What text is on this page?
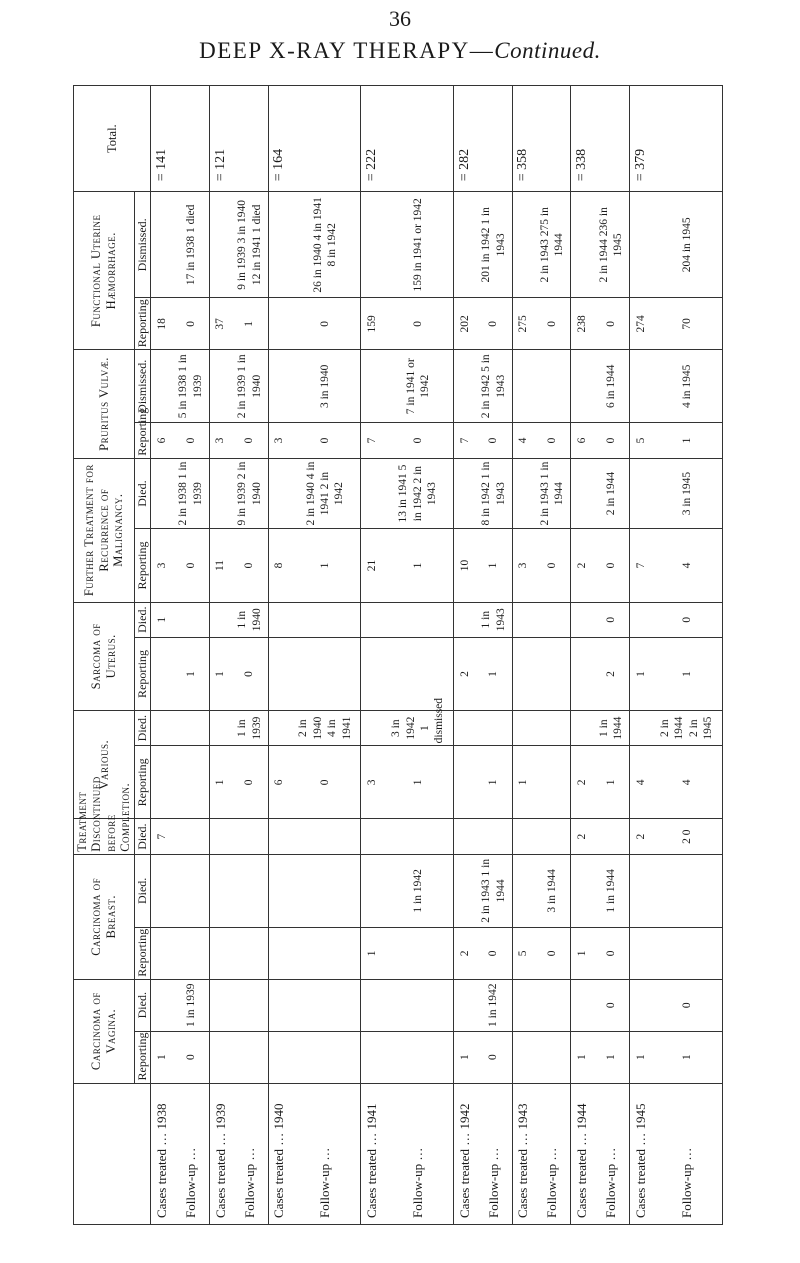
36
DEEP X-RAY THERAPY—Continued.
	Carcinoma of Vagina.		Carcinoma of Breast.		Treatment Discontinued before Completion.	Various.		Sarcoma of Uterus.		Further Treatment for Recurrence of Malignancy.		Pruritus Vulvæ.		Functional Uterine Hæmorrhage.		Total.
	Reporting	Died.	Reporting	Died.	Died.	Reporting	Died.	Reporting	Died.	Reporting	Died.	Reporting	Dismissed.	Reporting	Dismissed.	
Cases treated … 1938	1				7				1	3		6		18		= 141
Follow-up …	0	1 in 1939						1		0	2 in 1938 1 in 1939	0	5 in 1938 1 in 1939	0	17 in 1938 1 died	
Cases treated … 1939						1		1		11		3		37		= 121
Follow-up …						0	1 in 1939	0	1 in 1940	0	9 in 1939 2 in 1940	0	2 in 1939 1 in 1940	1	9 in 1939 3 in 1940 12 in 1941 1 died	
Cases treated … 1940						6				8		3				= 164
Follow-up …						0	2 in 1940 4 in 1941			1	2 in 1940 4 in 1941 2 in 1942	0	3 in 1940	0	26 in 1940 4 in 1941 8 in 1942	
Cases treated … 1941			1			3				21		7		159		= 222
Follow-up …				1 in 1942		1	3 in 1942 1 dismissed			1	13 in 1941 5 in 1942 2 in 1943	0	7 in 1941 or 1942	0	159 in 1941 or 1942	
Cases treated … 1942	1		2					2		10		7		202		= 282
Follow-up …	0	1 in 1942	0	2 in 1943 1 in 1944		1		1	1 in 1943	1	8 in 1942 1 in 1943	0	2 in 1942 5 in 1943	0	201 in 1942 1 in 1943	
Cases treated … 1943			5			1				3		4		275		= 358
Follow-up …			0	3 in 1944						0	2 in 1943 1 in 1944	0		0	2 in 1943 275 in 1944	
Cases treated … 1944	1		1		2	2				2		6		238		= 338
Follow-up …	1	0	0	1 in 1944		1	1 in 1944	2	0	0	2 in 1944	0	6 in 1944	0	2 in 1944 236 in 1945	
Cases treated … 1945	1				2	4		1		7		5		274		= 379
Follow-up …	1	0			2 0	4	2 in 1944 2 in 1945	1	0	4	3 in 1945	1	4 in 1945	70	204 in 1945	
